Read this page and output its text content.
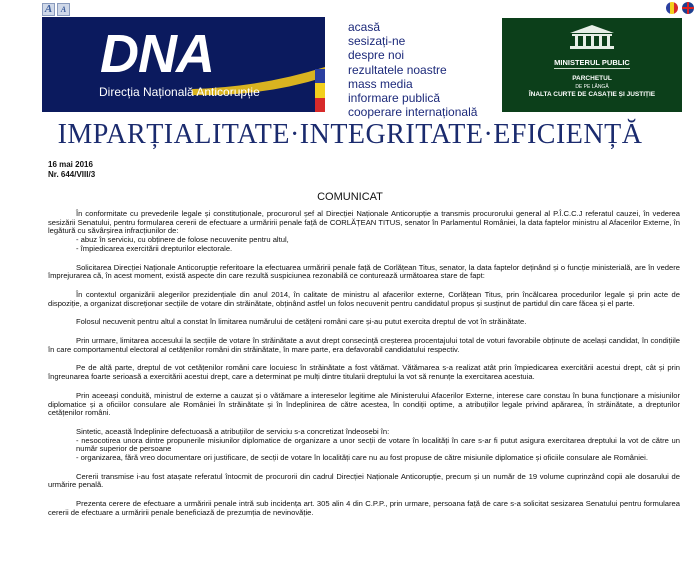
A	A
DNA
Direcția Națională Anticorupție
acasă
sesizați-ne
despre noi
rezultatele noastre
mass media
informare publică
cooperare internațională
MINISTERUL PUBLIC
PARCHETUL
DE PE LÂNGĂ
ÎNALTA CURTE DE CASAȚIE ȘI JUSTIȚIE
IMPARȚIALITATE·INTEGRITATE·EFICIENȚĂ
16 mai 2016
Nr. 644/VIII/3
COMUNICAT

În conformitate cu prevederile legale și constituționale, procurorul șef al Direcției Naționale Anticorupție a transmis procurorului general al P.Î.C.C.J referatul cauzei, în vederea sesizării Senatului, pentru formularea cererii de efectuare a urmăririi penale față de CORLĂȚEAN TITUS, senator în Parlamentul României, la data faptelor ministru al Afacerilor Externe, în legătură cu săvârșirea infracțiunilor de:

- abuz în serviciu, cu obținere de folose necuvenite pentru altul,
- împiedicarea exercitării drepturilor electorale.

Solicitarea Direcției Naționale Anticorupție referitoare la efectuarea urmăririi penale față de Corlățean Titus, senator, la data faptelor deținând și o funcție ministerială, are în vedere împrejurarea că, în acest moment, există aspecte din care rezultă suspiciunea rezonabilă ce conturează următoarea stare de fapt:

În contextul organizării alegerilor prezidențiale din anul 2014, în calitate de ministru al afacerilor externe, Corlățean Titus, prin încălcarea procedurilor legale și prin acte de dispoziție, a organizat discreționar secțiile de votare din străinătate, obținând astfel un folos necuvenit pentru candidatul propus și susținut de partidul din care făcea și el parte.

Folosul necuvenit pentru altul a constat în limitarea numărului de cetățeni români care și-au putut exercita dreptul de vot în străinătate.

Prin urmare, limitarea accesului la secțiile de votare în străinătate a avut drept consecință creșterea procentajului total de voturi favorabile obținute de același candidat, în condițiile în care comportamentul electoral al cetățenilor români din străinătate, în mare parte, era defavorabil candidatului respectiv.

Pe de altă parte, dreptul de vot cetățenilor români care locuiesc în străinătate a fost vătămat. Vătămarea s-a realizat atât prin împiedicarea exercitării acestui drept, cât și prin îngreunarea foarte serioasă a exercitării acestui drept, care a determinat pe mulți dintre titularii dreptului la vot să renunțe la exercitarea acestuia.

Prin aceeași conduită, ministrul de externe a cauzat și o vătămare a intereselor legitime ale Ministerului Afacerilor Externe, interese care constau în buna funcționare a misiunilor diplomatice și a oficiilor consulare ale României în străinătate și în îndeplinirea de către acestea, în condiții optime, a atribuțiilor legale privind apărarea, în străinătate, a drepturilor cetățenilor români.

Sintetic, această îndeplinire defectuoasă a atribuțiilor de serviciu s-a concretizat îndeosebi în:

- nesocotirea unora dintre propunerile misiunilor diplomatice de organizare a unor secții de votare în localități în care s-ar fi putut asigura exercitarea dreptului la vot de către un număr superior de persoane
- organizarea, fără vreo documentare ori justificare, de secții de votare în localități care nu au fost propuse de către misiunile diplomatice și oficiile consulare ale României.

Cererii transmise i-au fost atașate referatul întocmit de procurorii din cadrul Direcției Naționale Anticorupție, precum și un număr de 19 volume cuprinzând copii ale dosarului de urmărire penală.

Prezenta cerere de efectuare a urmăririi penale intră sub incidența art. 305 alin 4 din C.P.P., prin urmare, persoana față de care s-a solicitat sesizarea Senatului pentru formularea cererii de efectuare a urmăririi penale beneficiază de prezumția de nevinovăție.
